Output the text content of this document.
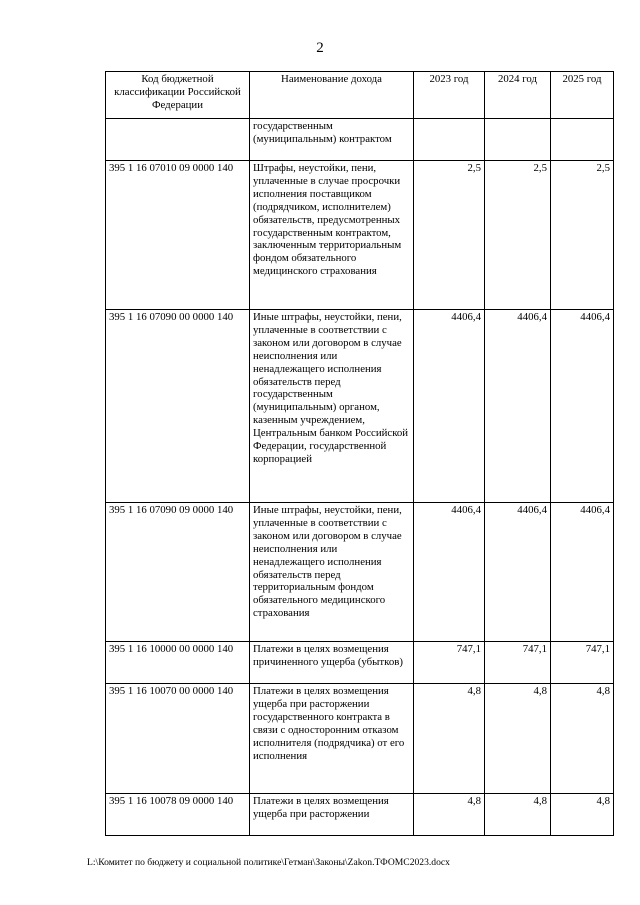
2
Код бюджетной классификации Российской Федерации	Наименование дохода	2023 год	2024 год	2025 год
	государственным (муниципальным) контрактом			
395 1 16 07010 09 0000 140	Штрафы, неустойки, пени, уплаченные в случае просрочки исполнения поставщиком (подрядчиком, исполнителем) обязательств, предусмотренных государственным контрактом, заключенным территориальным фондом обязательного медицинского страхования	2,5	2,5	2,5
395 1 16 07090 00 0000 140	Иные штрафы, неустойки, пени, уплаченные в соответствии с законом или договором в случае неисполнения или ненадлежащего исполнения обязательств перед государственным (муниципальным) органом, казенным учреждением, Центральным банком Российской Федерации, государственной корпорацией	4406,4	4406,4	4406,4
395 1 16 07090 09 0000 140	Иные штрафы, неустойки, пени, уплаченные в соответствии с законом или договором в случае неисполнения или ненадлежащего исполнения обязательств перед территориальным фондом обязательного медицинского страхования	4406,4	4406,4	4406,4
395 1 16 10000 00 0000 140	Платежи в целях возмещения причиненного ущерба (убытков)	747,1	747,1	747,1
395 1 16 10070 00 0000 140	Платежи в целях возмещения ущерба при расторжении государственного контракта в связи с односторонним отказом исполнителя (подрядчика) от его исполнения	4,8	4,8	4,8
395 1 16 10078 09 0000 140	Платежи в целях возмещения ущерба при расторжении	4,8	4,8	4,8
L:\Комитет по бюджету и социальной политике\Гетман\Законы\Zakon.ТФОМС2023.docx
